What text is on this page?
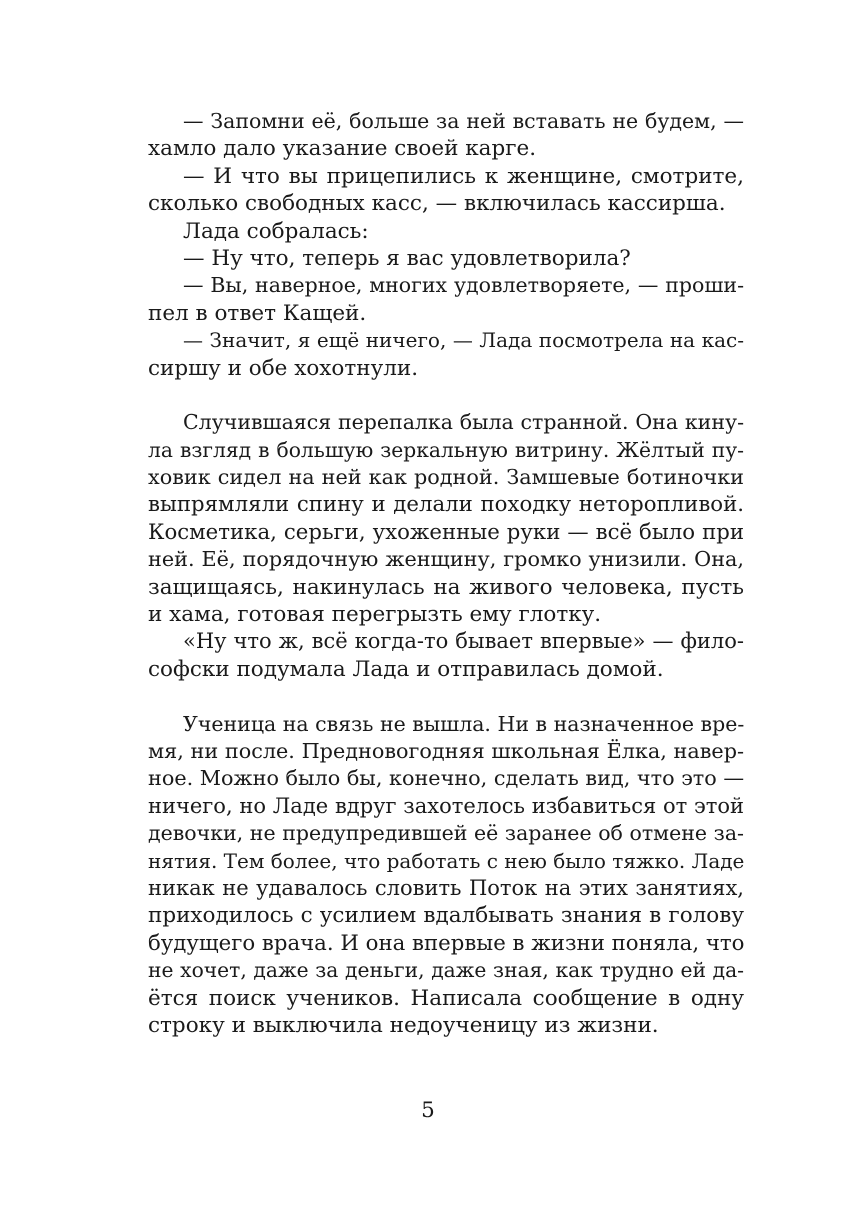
— Запомни её, больше за ней вставать не будем, —
хамло дало указание своей карге.
— И что вы прицепились к женщине, смотрите,
сколько свободных касс, — включилась кассирша.
Лада собралась:
— Ну что, теперь я вас удовлетворила?
— Вы, наверное, многих удовлетворяете, — проши-
пел в ответ Кащей.
— Значит, я ещё ничего, — Лада посмотрела на кас-
сиршу и обе хохотнули.
Случившаяся перепалка была странной. Она кину-
ла взгляд в большую зеркальную витрину. Жёлтый пу-
ховик сидел на ней как родной. Замшевые ботиночки
выпрямляли спину и делали походку неторопливой.
Косметика, серьги, ухоженные руки — всё было при
ней. Её, порядочную женщину, громко унизили. Она,
защищаясь, накинулась на живого человека, пусть
и хама, готовая перегрызть ему глотку.
«Ну что ж, всё когда-то бывает впервые» — фило-
софски подумала Лада и отправилась домой.
Ученица на связь не вышла. Ни в назначенное вре-
мя, ни после. Предновогодняя школьная Ёлка, навер-
ное. Можно было бы, конечно, сделать вид, что это —
ничего, но Ладе вдруг захотелось избавиться от этой
девочки, не предупредившей её заранее об отмене за-
нятия. Тем более, что работать с нею было тяжко. Ладе
никак не удавалось словить Поток на этих занятиях,
приходилось с усилием вдалбывать знания в голову
будущего врача. И она впервые в жизни поняла, что
не хочет, даже за деньги, даже зная, как трудно ей да-
ётся поиск учеников. Написала сообщение в одну
строку и выключила недоученицу из жизни.
5
